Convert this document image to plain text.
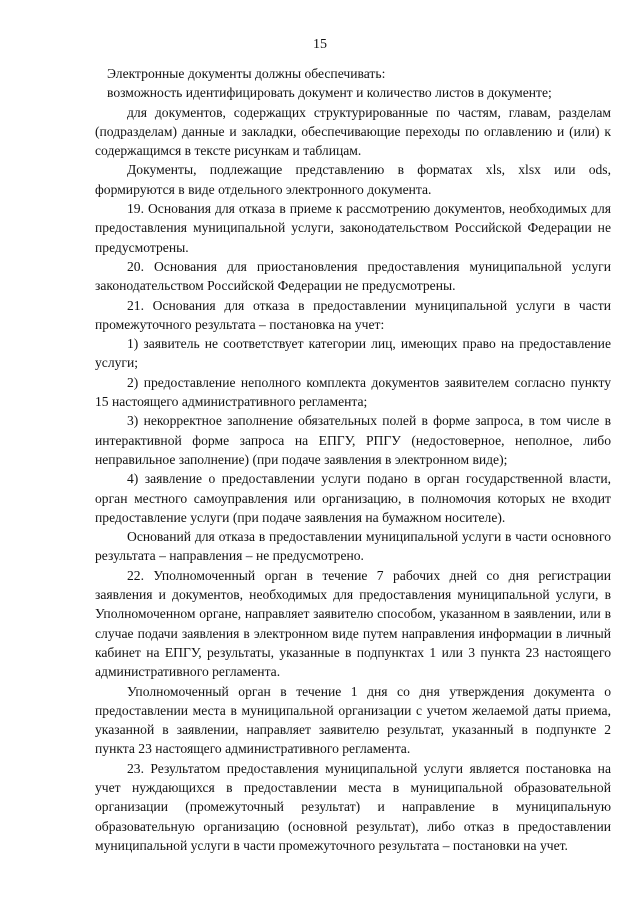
15

Электронные документы должны обеспечивать:

возможность идентифицировать документ и количество листов в документе;

для документов, содержащих структурированные по частям, главам, разделам (подразделам) данные и закладки, обеспечивающие переходы по оглавлению и (или) к содержащимся в тексте рисункам и таблицам.

Документы, подлежащие представлению в форматах xls, xlsx или ods, формируются в виде отдельного электронного документа.

19. Основания для отказа в приеме к рассмотрению документов, необходимых для предоставления муниципальной услуги, законодательством Российской Федерации не предусмотрены.

20. Основания для приостановления предоставления муниципальной услуги законодательством Российской Федерации не предусмотрены.

21. Основания для отказа в предоставлении муниципальной услуги в части промежуточного результата – постановка на учет:

1) заявитель не соответствует категории лиц, имеющих право на предоставление услуги;

2) предоставление неполного комплекта документов заявителем согласно пункту 15 настоящего административного регламента;

3) некорректное заполнение обязательных полей в форме запроса, в том числе в интерактивной форме запроса на ЕПГУ, РПГУ (недостоверное, неполное, либо неправильное заполнение) (при подаче заявления в электронном виде);

4) заявление о предоставлении услуги подано в орган государственной власти, орган местного самоуправления или организацию, в полномочия которых не входит предоставление услуги (при подаче заявления на бумажном носителе).

Оснований для отказа в предоставлении муниципальной услуги в части основного результата – направления – не предусмотрено.

22. Уполномоченный орган в течение 7 рабочих дней со дня регистрации заявления и документов, необходимых для предоставления муниципальной услуги, в Уполномоченном органе, направляет заявителю способом, указанном в заявлении, или в случае подачи заявления в электронном виде путем направления информации в личный кабинет на ЕПГУ, результаты, указанные в подпунктах 1 или 3 пункта 23 настоящего административного регламента.

Уполномоченный орган в течение 1 дня со дня утверждения документа о предоставлении места в муниципальной организации с учетом желаемой даты приема, указанной в заявлении, направляет заявителю результат, указанный в подпункте 2 пункта 23 настоящего административного регламента.

23. Результатом предоставления муниципальной услуги является постановка на учет нуждающихся в предоставлении места в муниципальной образовательной организации (промежуточный результат) и направление в муниципальную образовательную организацию (основной результат), либо отказ в предоставлении муниципальной услуги в части промежуточного результата – постановки на учет.
